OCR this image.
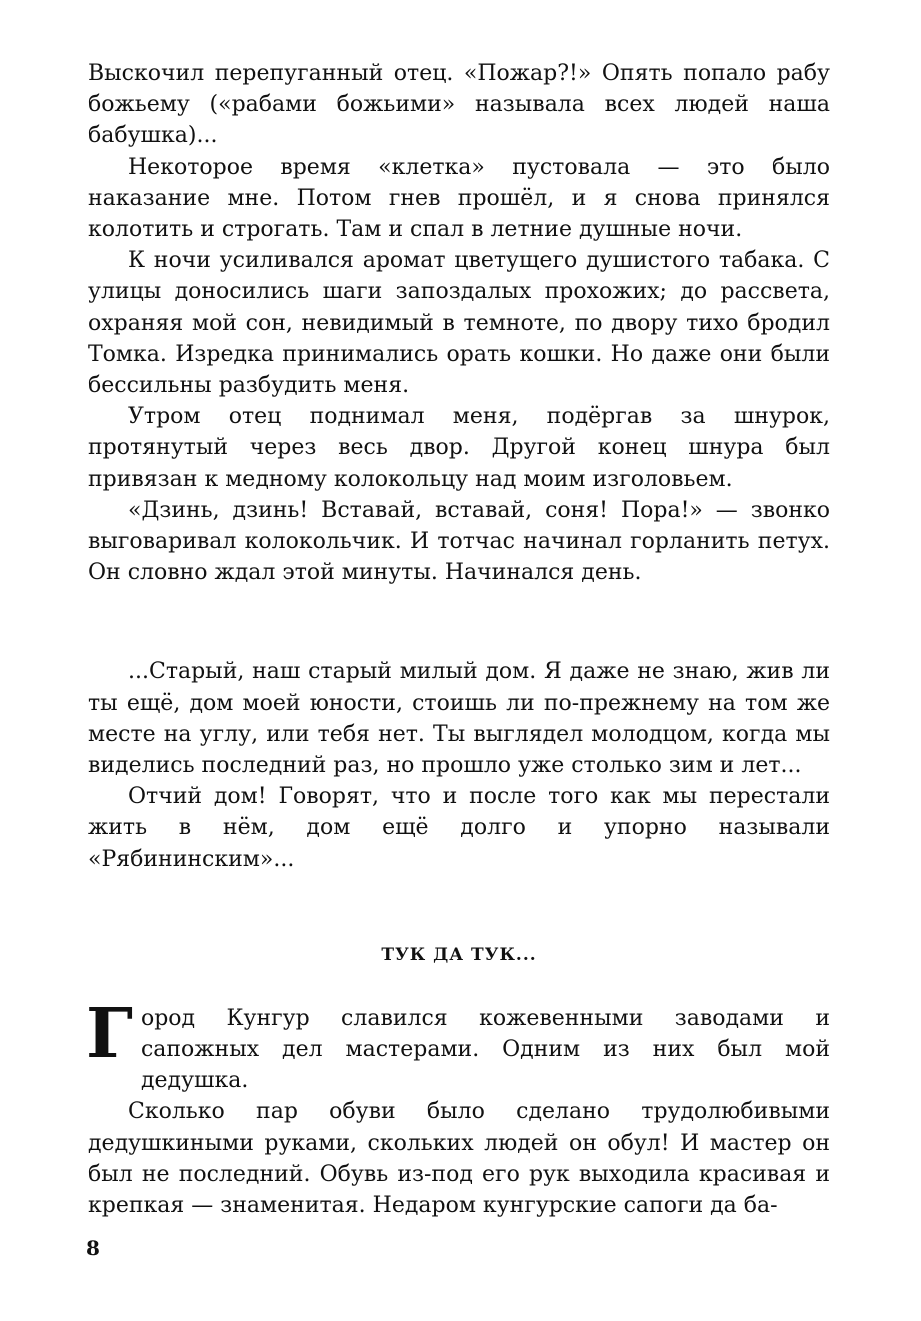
Выскочил перепуганный отец. «Пожар?!» Опять попало рабу божьему («рабами божьими» называла всех людей наша бабушка)...

Некоторое время «клетка» пустовала — это было наказание мне. Потом гнев прошёл, и я снова принялся колотить и строгать. Там и спал в летние душные ночи.

К ночи усиливался аромат цветущего душистого табака. С улицы доносились шаги запоздалых прохожих; до рассвета, охраняя мой сон, невидимый в темноте, по двору тихо бродил Томка. Изредка принимались орать кошки. Но даже они были бессильны разбудить меня.

Утром отец поднимал меня, подёргав за шнурок, протянутый через весь двор. Другой конец шнура был привязан к медному колокольцу над моим изголовьем.

«Дзинь, дзинь! Вставай, вставай, соня! Пора!» — звонко выговаривал колокольчик. И тотчас начинал горланить петух. Он словно ждал этой минуты. Начинался день.

...Старый, наш старый милый дом. Я даже не знаю, жив ли ты ещё, дом моей юности, стоишь ли по-прежнему на том же месте на углу, или тебя нет. Ты выглядел молодцом, когда мы виделись последний раз, но прошло уже столько зим и лет...

Отчий дом! Говорят, что и после того как мы перестали жить в нём, дом ещё долго и упорно называли «Рябининским»...

ТУК ДА ТУК...

Город Кунгур славился кожевенными заводами и сапожных дел мастерами. Одним из них был мой дедушка.

Сколько пар обуви было сделано трудолюбивыми дедушкиными руками, скольких людей он обул! И мастер он был не последний. Обувь из-под его рук выходила красивая и крепкая — знаменитая. Недаром кунгурские сапоги да ба-

8
